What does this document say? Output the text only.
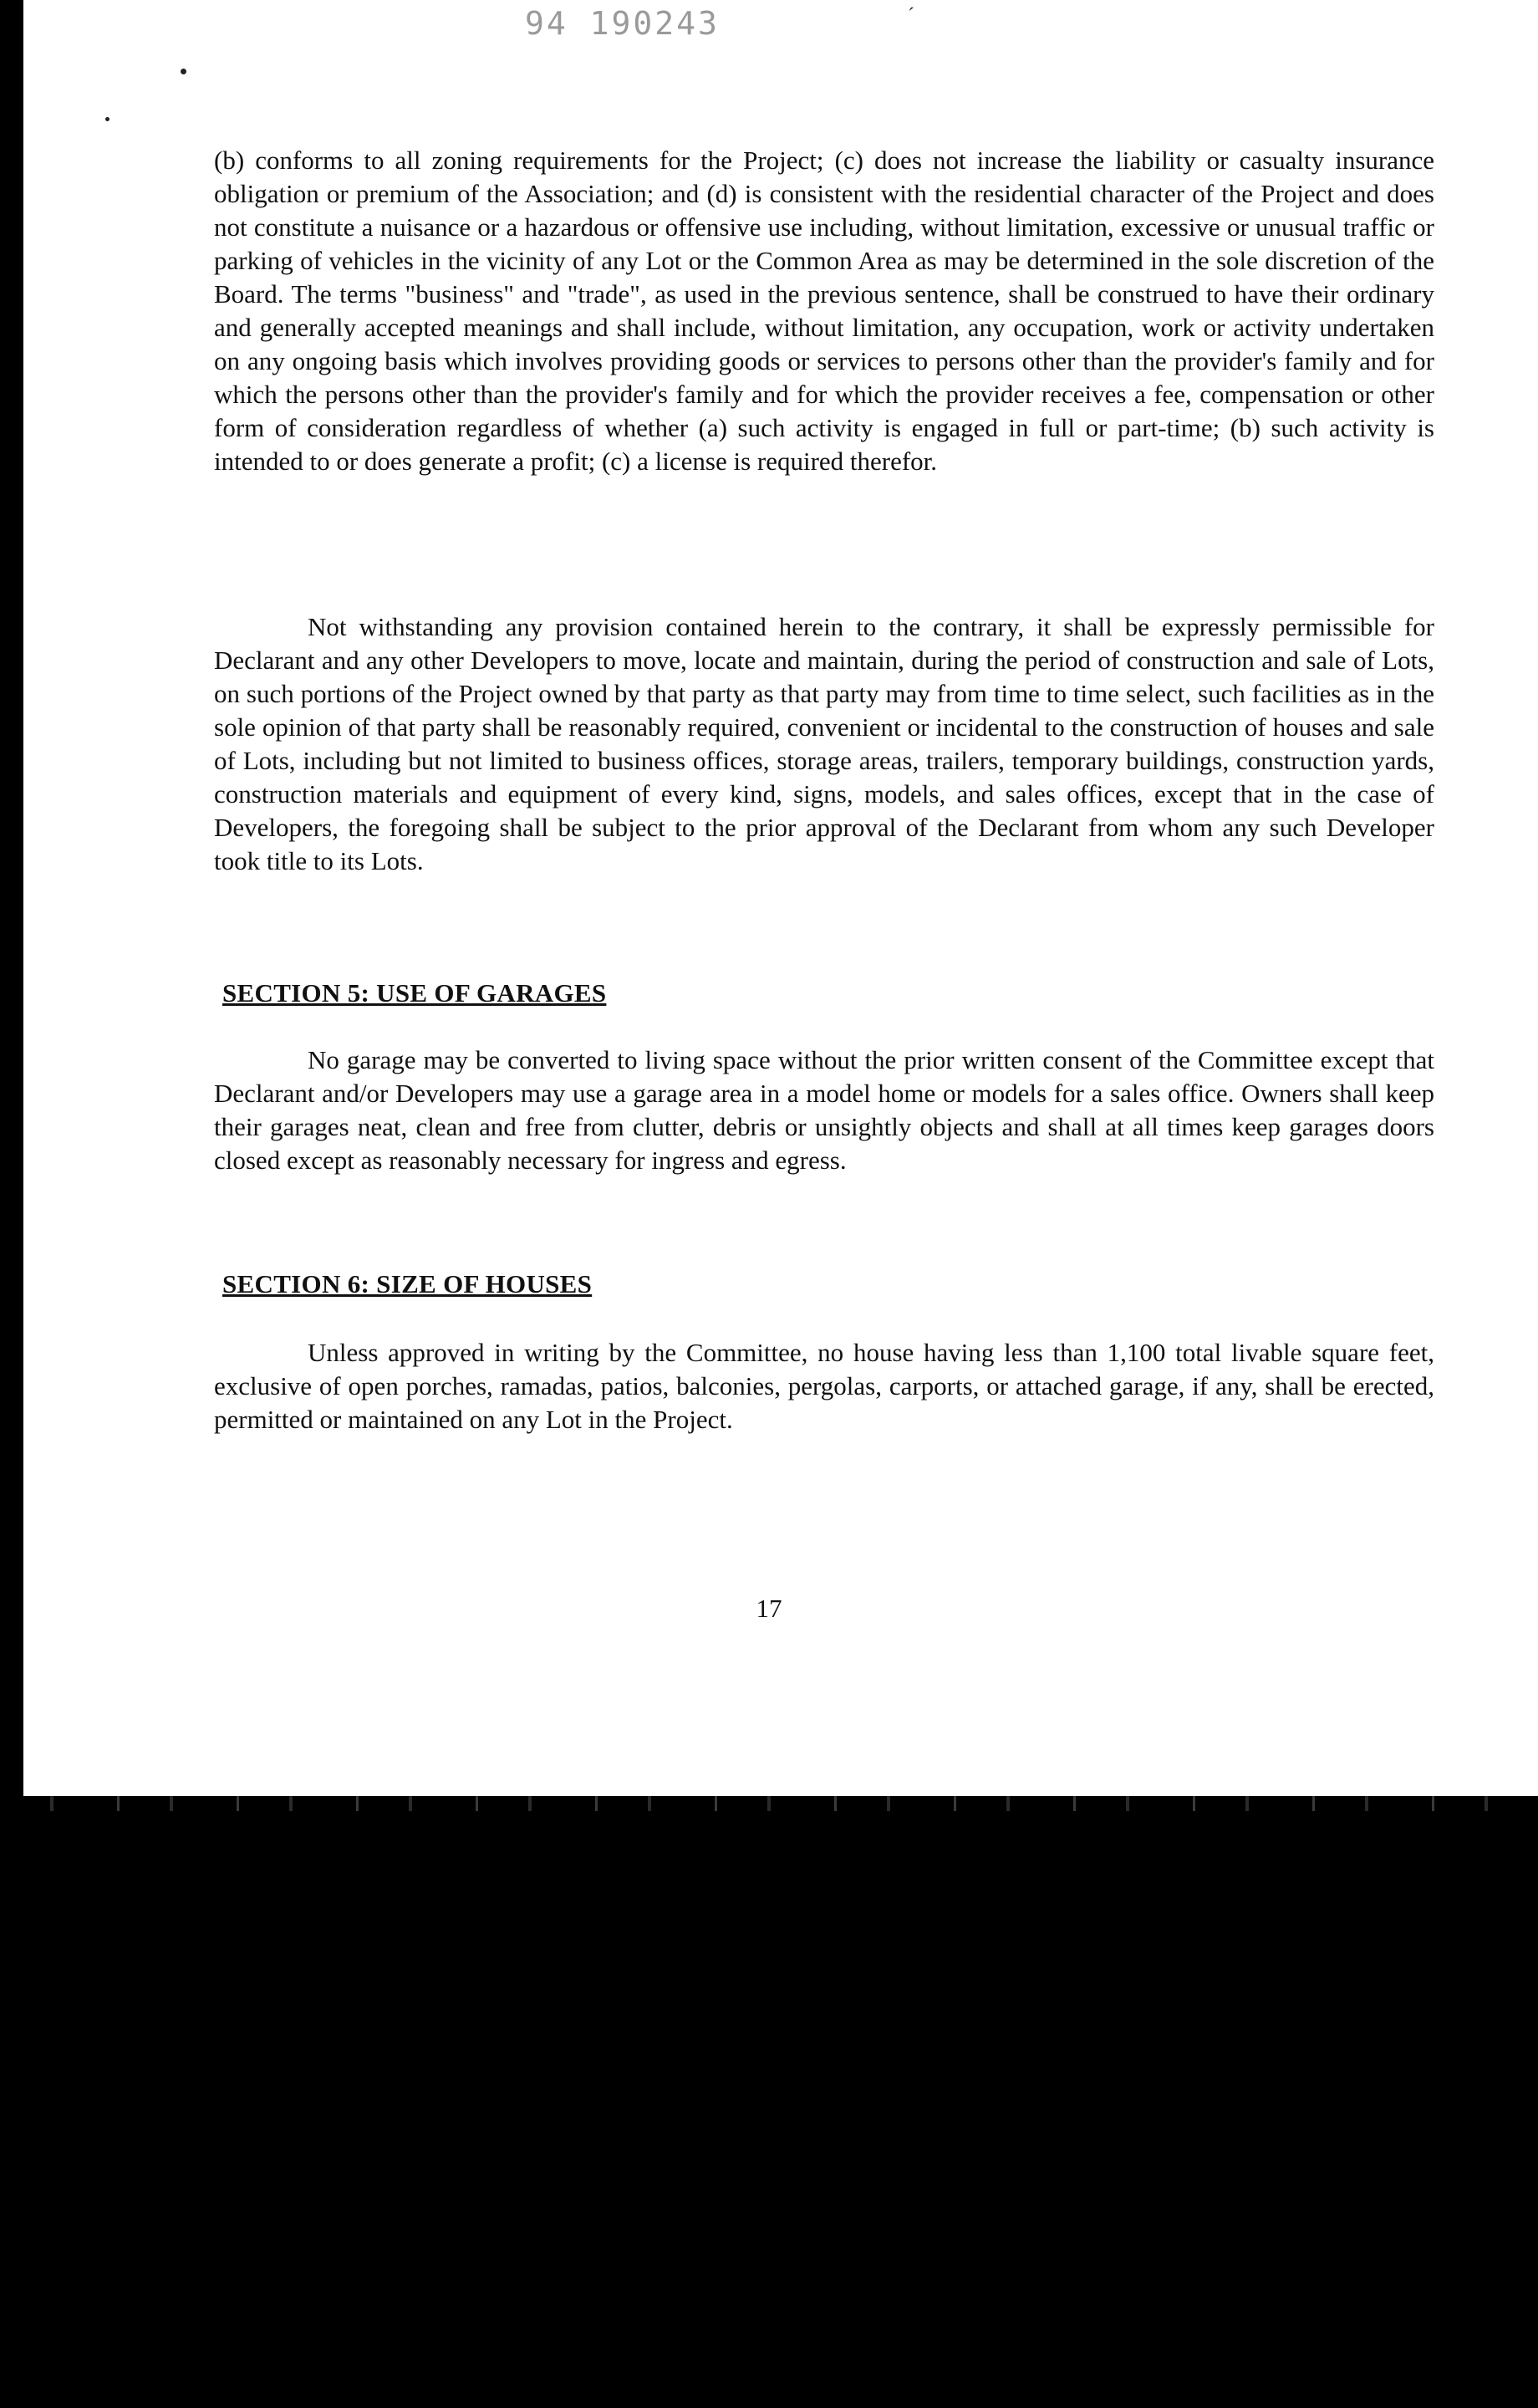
94 190243	´

(b) conforms to all zoning requirements for the Project; (c) does not increase the liability or casualty insurance obligation or premium of the Association; and (d) is consistent with the residential character of the Project and does not constitute a nuisance or a hazardous or offensive use including, without limitation, excessive or unusual traffic or parking of vehicles in the vicinity of any Lot or the Common Area as may be determined in the sole discretion of the Board. The terms "business" and "trade", as used in the previous sentence, shall be construed to have their ordinary and generally accepted meanings and shall include, without limitation, any occupation, work or activity undertaken on any ongoing basis which involves providing goods or services to persons other than the provider's family and for which the persons other than the provider's family and for which the provider receives a fee, compensation or other form of consideration regardless of whether (a) such activity is engaged in full or part-time; (b) such activity is intended to or does generate a profit; (c) a license is required therefor.

Not withstanding any provision contained herein to the contrary, it shall be expressly permissible for Declarant and any other Developers to move, locate and maintain, during the period of construction and sale of Lots, on such portions of the Project owned by that party as that party may from time to time select, such facilities as in the sole opinion of that party shall be reasonably required, convenient or incidental to the construction of houses and sale of Lots, including but not limited to business offices, storage areas, trailers, temporary buildings, construction yards, construction materials and equipment of every kind, signs, models, and sales offices, except that in the case of Developers, the foregoing shall be subject to the prior approval of the Declarant from whom any such Developer took title to its Lots.

SECTION 5: USE OF GARAGES

No garage may be converted to living space without the prior written consent of the Committee except that Declarant and/or Developers may use a garage area in a model home or models for a sales office. Owners shall keep their garages neat, clean and free from clutter, debris or unsightly objects and shall at all times keep garages doors closed except as reasonably necessary for ingress and egress.

SECTION 6: SIZE OF HOUSES

Unless approved in writing by the Committee, no house having less than 1,100 total livable square feet, exclusive of open porches, ramadas, patios, balconies, pergolas, carports, or attached garage, if any, shall be erected, permitted or maintained on any Lot in the Project.

17
